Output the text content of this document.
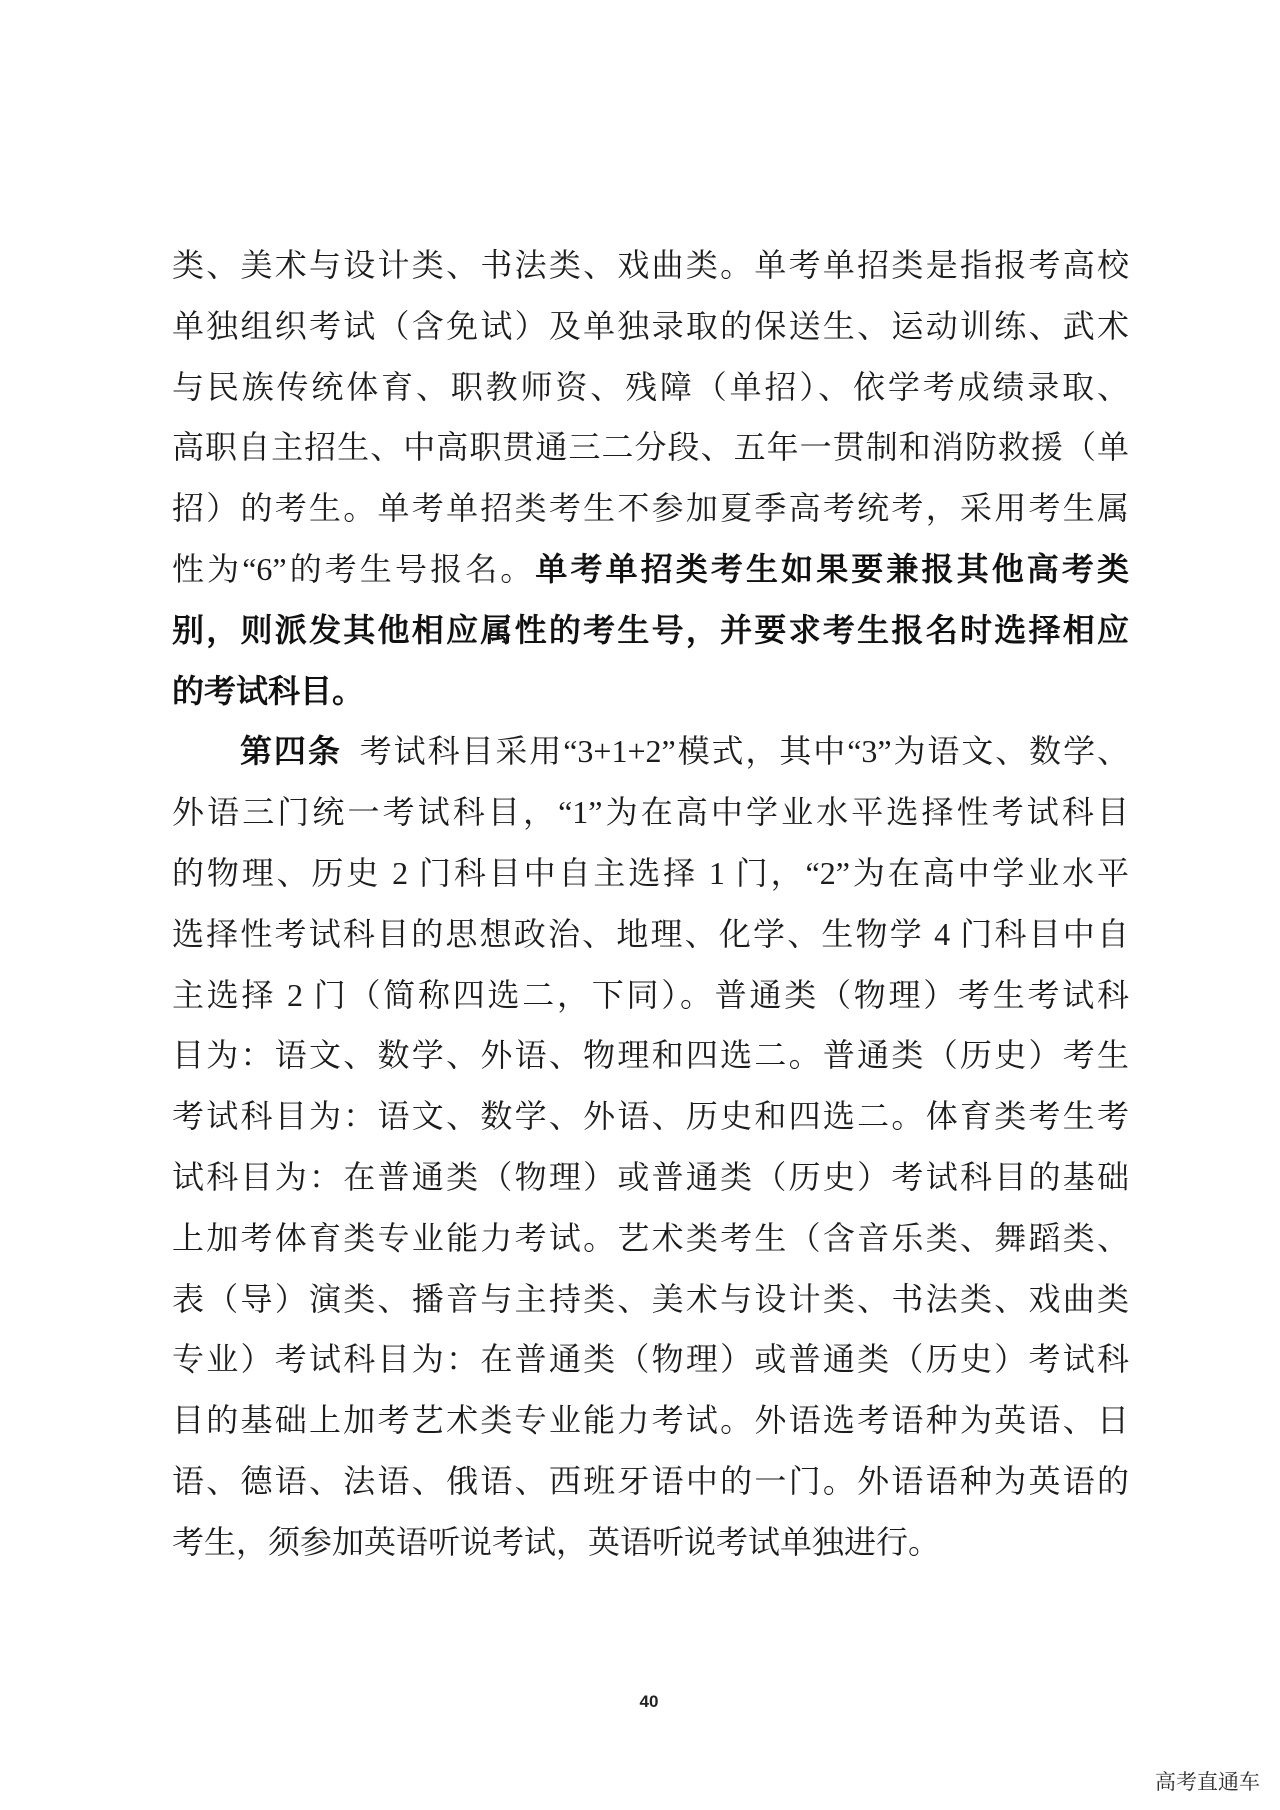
类、美术与设计类、书法类、戏曲类。单考单招类是指报考高校
单独组织考试（含免试）及单独录取的保送生、运动训练、武术
与民族传统体育、职教师资、残障（单招）、依学考成绩录取、
高职自主招生、中高职贯通三二分段、五年一贯制和消防救援（单
招）的考生。单考单招类考生不参加夏季高考统考，采用考生属
性为“6”的考生号报名。单考单招类考生如果要兼报其他高考类
别，则派发其他相应属性的考生号，并要求考生报名时选择相应
的考试科目。
第四条 考试科目采用“3+1+2”模式，其中“3”为语文、数学、
外语三门统一考试科目，“1”为在高中学业水平选择性考试科目
的物理、历史 2 门科目中自主选择 1 门，“2”为在高中学业水平
选择性考试科目的思想政治、地理、化学、生物学 4 门科目中自
主选择 2 门（简称四选二，下同）。普通类（物理）考生考试科
目为：语文、数学、外语、物理和四选二。普通类（历史）考生
考试科目为：语文、数学、外语、历史和四选二。体育类考生考
试科目为：在普通类（物理）或普通类（历史）考试科目的基础
上加考体育类专业能力考试。艺术类考生（含音乐类、舞蹈类、
表（导）演类、播音与主持类、美术与设计类、书法类、戏曲类
专业）考试科目为：在普通类（物理）或普通类（历史）考试科
目的基础上加考艺术类专业能力考试。外语选考语种为英语、日
语、德语、法语、俄语、西班牙语中的一门。外语语种为英语的
考生，须参加英语听说考试，英语听说考试单独进行。
40
高考直通车
